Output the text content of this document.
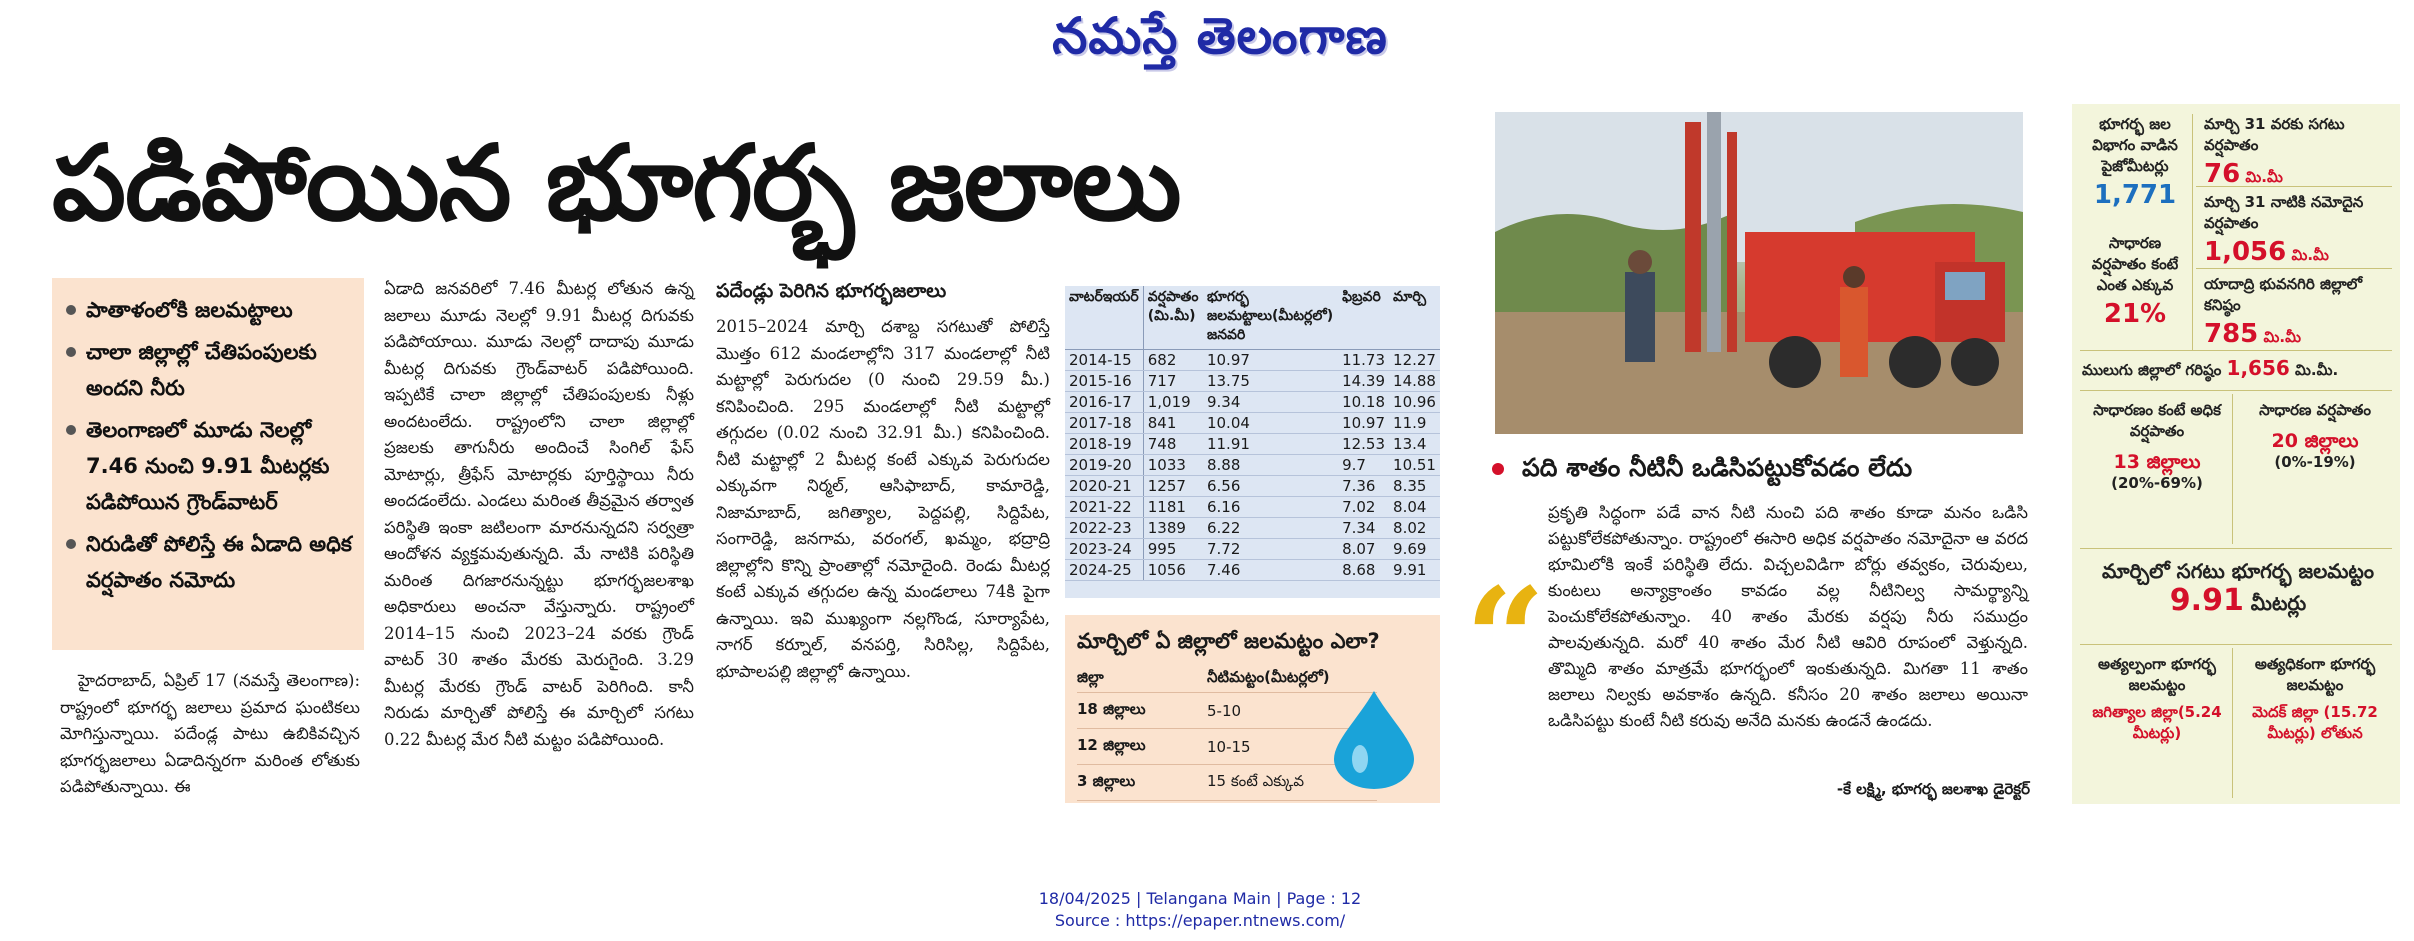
నమస్తే తెలంగాణ
పడిపోయిన భూగర్భ జలాలు
పాతాళంలోకి జలమట్టాలు
చాలా జిల్లాల్లో చేతిపంపులకు అందని నీరు
తెలంగాణలో మూడు నెలల్లో 7.46 నుంచి 9.91 మీటర్లకు పడిపోయిన గ్రౌండ్‌వాటర్
నిరుడితో పోలిస్తే ఈ ఏడాది అధిక వర్షపాతం నమోదు
హైదరాబాద్, ఏప్రిల్ 17 (నమస్తే తెలంగాణ): రాష్ట్రంలో భూగర్భ జలాలు ప్రమాద ఘంటికలు మోగిస్తున్నాయి. పదేండ్ల పాటు ఉబికివచ్చిన భూగర్భజలాలు ఏడాదిన్నరగా మరింత లోతుకు పడిపోతున్నాయి. ఈ
ఏడాది జనవరిలో 7.46 మీటర్ల లోతున ఉన్న జలాలు మూడు నెలల్లో 9.91 మీటర్ల దిగువకు పడిపోయాయి. మూడు నెలల్లో దాదాపు మూడు మీటర్ల దిగువకు గ్రౌండ్‌వాటర్ పడిపోయింది. ఇప్పటికే చాలా జిల్లాల్లో చేతిపంపులకు నీళ్లు అందటంలేదు. రాష్ట్రంలోని చాలా జిల్లాల్లో ప్రజలకు తాగునీరు అందించే సింగిల్ ఫేస్ మోటార్లు, త్రీఫేస్ మోటార్లకు పూర్తిస్థాయి నీరు అందడంలేదు. ఎండలు మరింత తీవ్రమైన తర్వాత పరిస్థితి ఇంకా జటిలంగా మారనున్నదని సర్వత్రా ఆందోళన వ్యక్తమవుతున్నది. మే నాటికి పరిస్థితి మరింత దిగజారనున్నట్టు భూగర్భజలశాఖ అధికారులు అంచనా వేస్తున్నారు. రాష్ట్రంలో 2014–15 నుంచి 2023–24 వరకు గ్రౌండ్ వాటర్ 30 శాతం మేరకు మెరుగైంది. 3.29 మీటర్ల మేరకు గ్రౌండ్ వాటర్ పెరిగింది. కానీ నిరుడు మార్చితో పోలిస్తే ఈ మార్చిలో సగటు 0.22 మీటర్ల మేర నీటి మట్టం పడిపోయింది.
పదేండ్లు పెరిగిన భూగర్భజలాలు
2015–2024 మార్చి దశాబ్ద సగటుతో పోలిస్తే మొత్తం 612 మండలాల్లోని 317 మండలాల్లో నీటి మట్టాల్లో పెరుగుదల (0 నుంచి 29.59 మీ.) కనిపించింది. 295 మండలాల్లో నీటి మట్టాల్లో తగ్గుదల (0.02 నుంచి 32.91 మీ.) కనిపించింది. నీటి మట్టాల్లో 2 మీటర్ల కంటే ఎక్కువ పెరుగుదల ఎక్కువగా నిర్మల్, ఆసిఫాబాద్, కామారెడ్డి, నిజామాబాద్, జగిత్యాల, పెద్దపల్లి, సిద్దిపేట, సంగారెడ్డి, జనగామ, వరంగల్, ఖమ్మం, భద్రాద్రి జిల్లాల్లోని కొన్ని ప్రాంతాల్లో నమోదైంది. రెండు మీటర్ల కంటే ఎక్కువ తగ్గుదల ఉన్న మండలాలు 74కి పైగా ఉన్నాయి. ఇవి ముఖ్యంగా నల్లగొండ, సూర్యాపేట, నాగర్ కర్నూల్, వనపర్తి, సిరిసిల్ల, సిద్దిపేట, భూపాలపల్లి జిల్లాల్లో ఉన్నాయి.
వాటర్‌ఇయర్	వర్షపాతం (మి.మీ)	భూగర్భ జలమట్టాలు(మీటర్లలో) జనవరి	ఫిబ్రవరి	మార్చి
2014-15	682	10.97	11.73	12.27
2015-16	717	13.75	14.39	14.88
2016-17	1,019	9.34	10.18	10.96
2017-18	841	10.04	10.97	11.9
2018-19	748	11.91	12.53	13.4
2019-20	1033	8.88	9.7	10.51
2020-21	1257	6.56	7.36	8.35
2021-22	1181	6.16	7.02	8.04
2022-23	1389	6.22	7.34	8.02
2023-24	995	7.72	8.07	9.69
2024-25	1056	7.46	8.68	9.91
మార్చిలో ఏ జిల్లాలో జలమట్టం ఎలా?
జిల్లా	నీటిమట్టం(మీటర్లలో)
18 జిల్లాలు	5-10
12 జిల్లాలు	10-15
3 జిల్లాలు	15 కంటే ఎక్కువ
పది శాతం నీటినీ ఒడిసిపట్టుకోవడం లేదు
“
ప్రకృతి సిద్ధంగా పడే వాన నీటి నుంచి పది శాతం కూడా మనం ఒడిసి పట్టుకోలేకపోతున్నాం. రాష్ట్రంలో ఈసారి అధిక వర్షపాతం నమోదైనా ఆ వరద భూమిలోకి ఇంకే పరిస్థితి లేదు. విచ్చలవిడిగా బోర్లు తవ్వకం, చెరువులు, కుంటలు అన్యాక్రాంతం కావడం వల్ల నీటినిల్వ సామర్థ్యాన్ని పెంచుకోలేకపోతున్నాం. 40 శాతం మేరకు వర్షపు నీరు సముద్రం పాలవుతున్నది. మరో 40 శాతం మేర నీటి ఆవిరి రూపంలో వెళ్తున్నది. తొమ్మిది శాతం మాత్రమే భూగర్భంలో ఇంకుతున్నది. మిగతా 11 శాతం జలాలు నిల్వకు అవకాశం ఉన్నది. కనీసం 20 శాతం జలాలు అయినా ఒడిసిపట్టు కుంటే నీటి కరువు అనేది మనకు ఉండనే ఉండదు.
-కే లక్ష్మి, భూగర్భ జలశాఖ డైరెక్టర్
భూగర్భ జల విభాగం వాడిన పైజోమీటర్లు
1,771
సాధారణ వర్షపాతం కంటే ఎంత ఎక్కువ
21%
మార్చి 31 వరకు సగటు వర్షపాతం
76 మి.మీ
మార్చి 31 నాటికి నమోదైన వర్షపాతం
1,056 మి.మీ
యాదాద్రి భువనగిరి జిల్లాలో కనిష్ఠం
785 మి.మీ
ములుగు జిల్లాలో గరిష్ఠం 1,656 మి.మీ.
సాధారణం కంటే అధిక వర్షపాతం
13 జిల్లాలు
(20%-69%)
సాధారణ వర్షపాతం
20 జిల్లాలు
(0%-19%)
మార్చిలో సగటు భూగర్భ జలమట్టం
9.91 మీటర్లు
అత్యల్పంగా భూగర్భ జలమట్టం
జగిత్యాల జిల్లా(5.24 మీటర్లు)
అత్యధికంగా భూగర్భ జలమట్టం
మెదక్ జిల్లా (15.72 మీటర్లు) లోతున
18/04/2025 | Telangana Main | Page : 12
Source : https://epaper.ntnews.com/
